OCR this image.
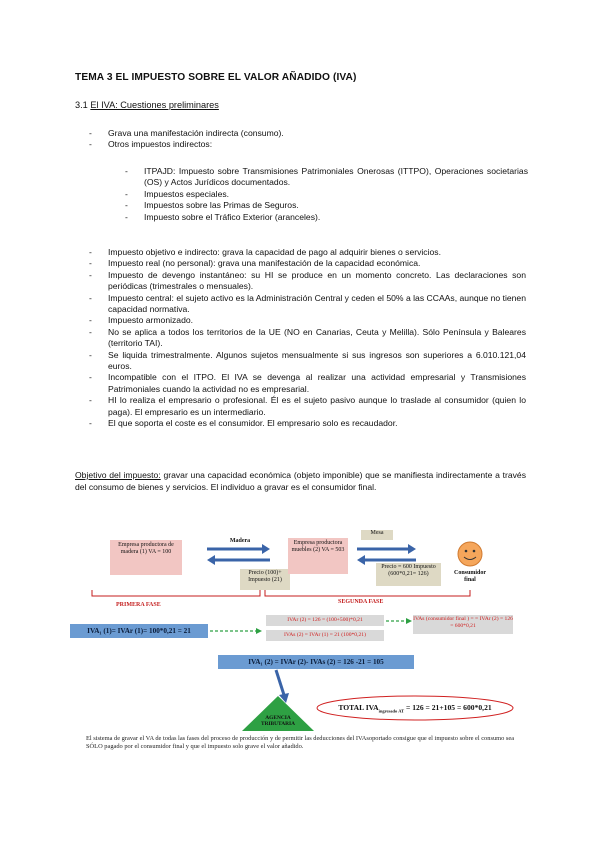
TEMA 3 EL IMPUESTO SOBRE EL VALOR AÑADIDO (IVA)
3.1 El IVA: Cuestiones preliminares
- Grava una manifestación indirecta (consumo).
- Otros impuestos indirectos:
- ITPAJD: Impuesto sobre Transmisiones Patrimoniales Onerosas (ITTPO), Operaciones societarias (OS) y Actos Jurídicos documentados.
- Impuestos especiales.
- Impuestos sobre las Primas de Seguros.
- Impuesto sobre el Tráfico Exterior (aranceles).
- Impuesto objetivo e indirecto: grava la capacidad de pago al adquirir bienes o servicios.
- Impuesto real (no personal): grava una manifestación de la capacidad económica.
- Impuesto de devengo instantáneo: su HI se produce en un momento concreto. Las declaraciones son periódicas (trimestrales o mensuales).
- Impuesto central: el sujeto activo es la Administración Central y ceden el 50% a las CCAAs, aunque no tienen capacidad normativa.
- Impuesto armonizado.
- No se aplica a todos los territorios de la UE (NO en Canarias, Ceuta y Melilla). Sólo Península y Baleares (territorio TAI).
- Se liquida trimestralmente. Algunos sujetos mensualmente si sus ingresos son superiores a 6.010.121,04 euros.
- Incompatible con el ITPO. El IVA se devenga al realizar una actividad empresarial y Transmisiones Patrimoniales cuando la actividad no es empresarial.
- HI lo realiza el empresario o profesional. Él es el sujeto pasivo aunque lo traslade al consumidor (quien lo paga). El empresario es un intermediario.
- El que soporta el coste es el consumidor. El empresario solo es recaudador.
Objetivo del impuesto: gravar una capacidad económica (objeto imponible) que se manifiesta indirectamente a través del consumo de bienes y servicios. El individuo a gravar es el consumidor final.
Empresa productora de madera (1) VA = 100
Madera
Precio (100)+ Impuesto (21)
Empresa productora muebles (2) VA = 503
Mesa
Precio = 600 Impuesto (600*0,21= 126)	Consumidor final
PRIMERA FASE	SEGUNDA FASE
IVA₁ (1)= IVAr (1)= 100*0,21 = 21
IVAr (2) = 126 = (100+500)*0,21
IVAs (2) = IVAr (1) = 21 (100*0,21)
IVAs (consumidor final ) = = IVAr (2) = 126 = 600*0,21
IVA₁ (2) = IVAr (2)- IVAs (2) = 126 -21 = 105
AGENCIA TRIBUTARIA
TOTAL $IVA_{ingresado AT} = 126 = 21+105 = 600*0,21$
El sistema de gravar el VA de todas las fases del proceso de producción y de permitir las deducciones del IVAsoportado consigue que el impuesto sobre el consumo sea SÓLO pagado por el consumidor final y que el impuesto solo grave el valor añadido.
